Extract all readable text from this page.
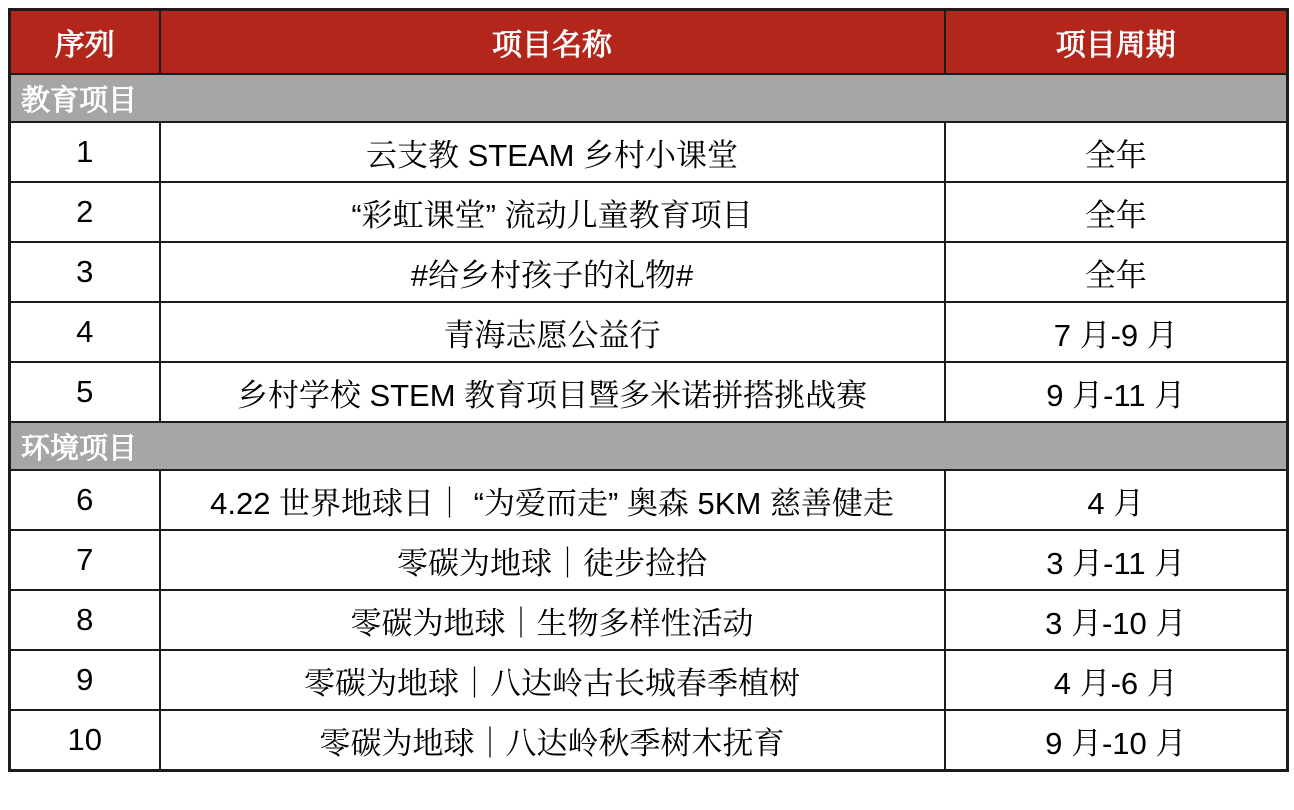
序列	项目名称	项目周期
教育项目		
1	云支教 STEAM 乡村小课堂	全年
2	“彩虹课堂” 流动儿童教育项目	全年
3	#给乡村孩子的礼物#	全年
4	青海志愿公益行	7 月-9 月
5	乡村学校 STEM 教育项目暨多米诺拼搭挑战赛	9 月-11 月
环境项目		
6	4.22 世界地球日｜ “为爱而走” 奥森 5KM 慈善健走	4 月
7	零碳为地球｜徒步捡拾	3 月-11 月
8	零碳为地球｜生物多样性活动	3 月-10 月
9	零碳为地球｜八达岭古长城春季植树	4 月-6 月
10	零碳为地球｜八达岭秋季树木抚育	9 月-10 月
